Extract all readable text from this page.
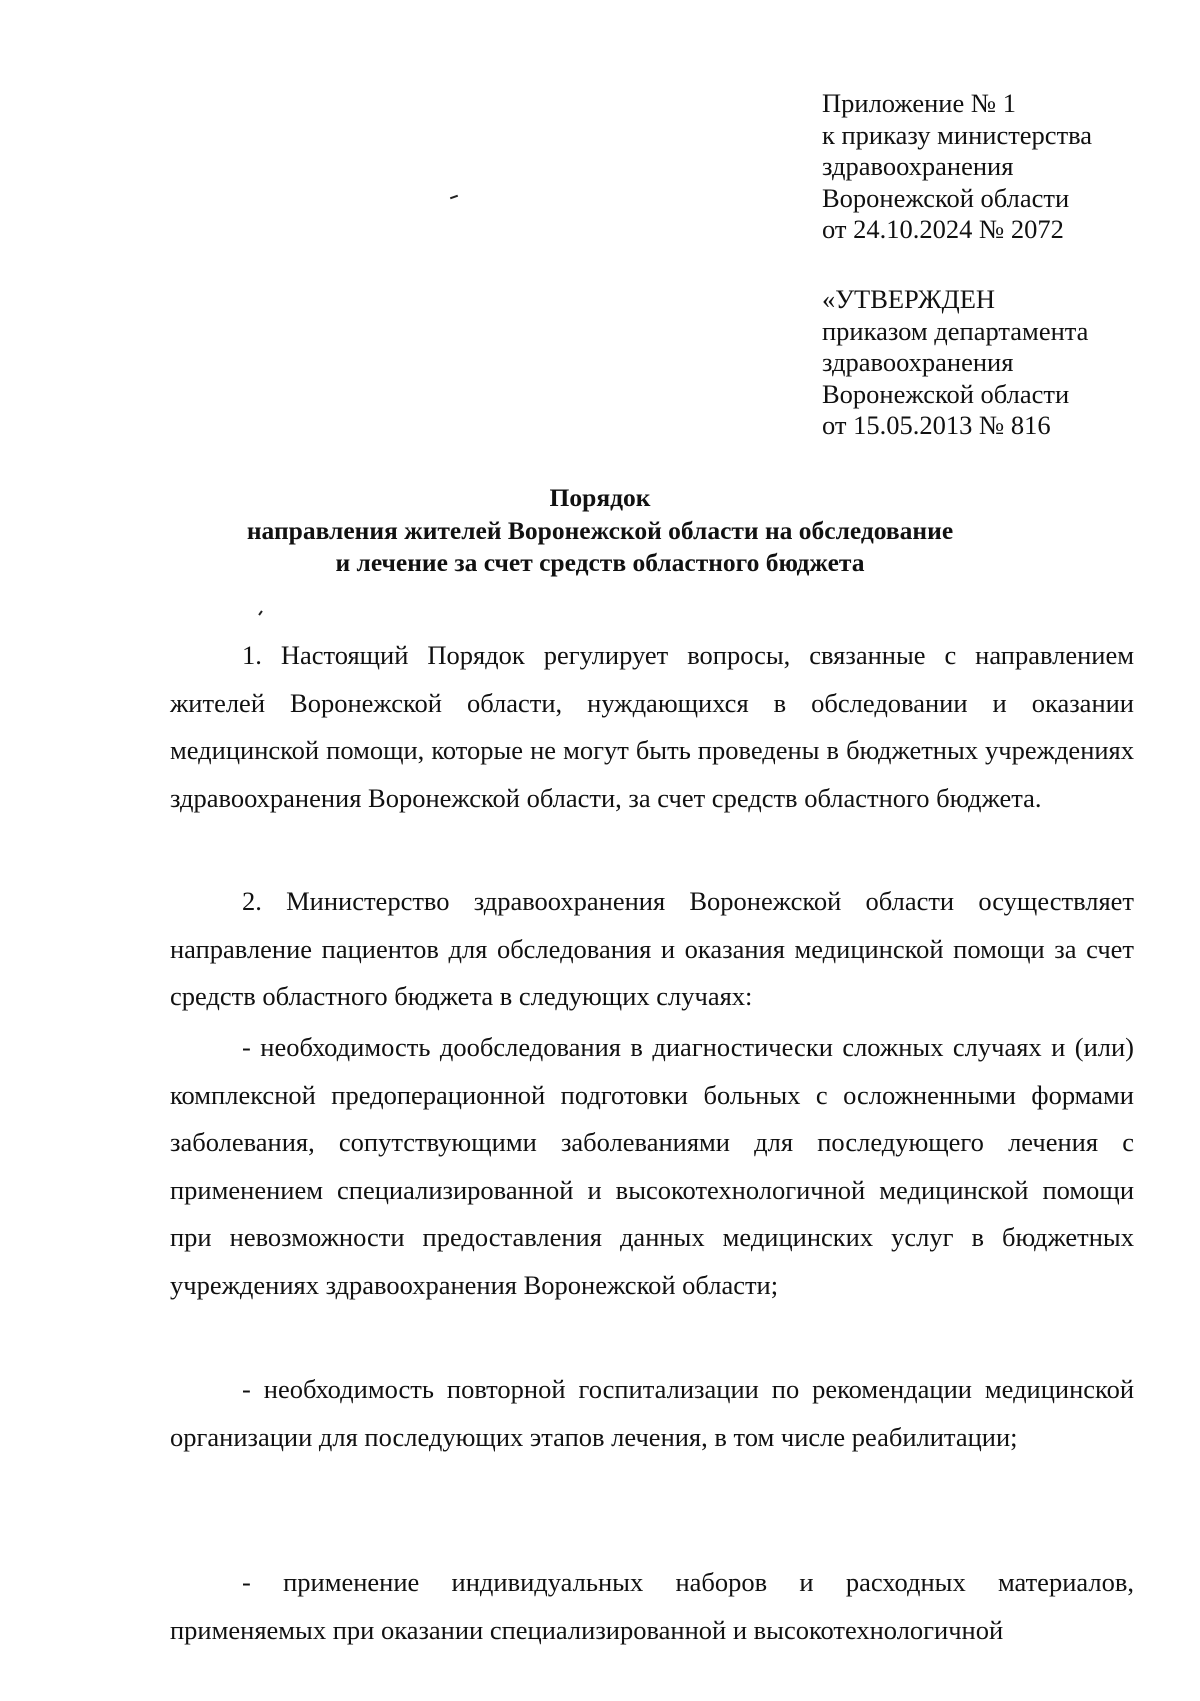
Приложение № 1
к приказу министерства
здравоохранения
Воронежской области
от 24.10.2024 № 2072
«УТВЕРЖДЕН
приказом департамента
здравоохранения
Воронежской области
от 15.05.2013 № 816
Порядок
направления жителей Воронежской области на обследование
и лечение за счет средств областного бюджета

1. Настоящий Порядок регулирует вопросы, связанные с направлением жителей Воронежской области, нуждающихся в обследовании и оказании медицинской помощи, которые не могут быть проведены в бюджетных учреждениях здравоохранения Воронежской области, за счет средств областного бюджета.

2. Министерство здравоохранения Воронежской области осуществляет направление пациентов для обследования и оказания медицинской помощи за счет средств областного бюджета в следующих случаях:

- необходимость дообследования в диагностически сложных случаях и (или) комплексной предоперационной подготовки больных с осложненными формами заболевания, сопутствующими заболеваниями для последующего лечения с применением специализированной и высокотехнологичной медицинской помощи при невозможности предоставления данных медицинских услуг в бюджетных учреждениях здравоохранения Воронежской области;

- необходимость повторной госпитализации по рекомендации медицинской организации для последующих этапов лечения, в том числе реабилитации;

- применение индивидуальных наборов и расходных материалов, применяемых при оказании специализированной и высокотехнологичной
